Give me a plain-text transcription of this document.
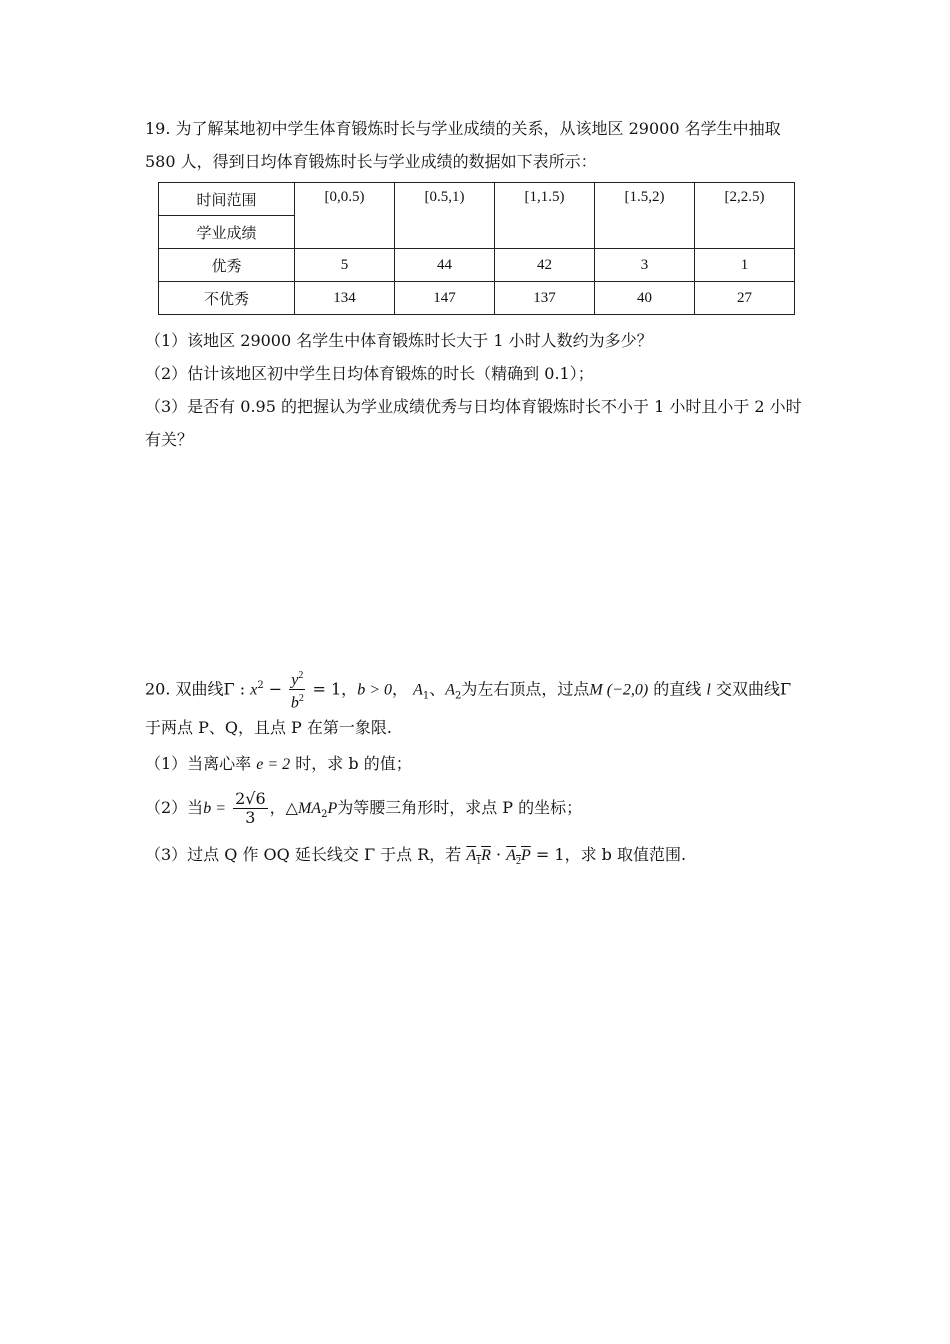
19. 为了解某地初中学生体育锻炼时长与学业成绩的关系，从该地区 29000 名学生中抽取
580 人，得到日均体育锻炼时长与学业成绩的数据如下表所示：
时间范围	[0,0.5)	[0.5,1)	[1,1.5)	[1.5,2)	[2,2.5)
学业成绩					
优秀	5	44	42	3	1
不优秀	134	147	137	40	27
（1）该地区 29000 名学生中体育锻炼时长大于 1 小时人数约为多少？
（2）估计该地区初中学生日均体育锻炼的时长（精确到 0.1）；
（3）是否有 0.95 的把握认为学业成绩优秀与日均体育锻炼时长不小于 1 小时且小于 2 小时
有关？
20. 双曲线Γ : $x^2 - \frac{y^2}{b^2} = 1$，b > 0， $A_1$、$A_2$为左右顶点，过点M (−2,0) 的直线 l 交双曲线Γ
于两点 P、Q，且点 P 在第一象限.
（1）当离心率 e = 2 时，求 b 的值；
（2）当$b = \frac{2√6}{3}$ ，$\triangle MA_2P$为等腰三角形时，求点 P 的坐标；
（3）过点 Q 作 OQ 延长线交 Γ 于点 R，若 $A_1R \cdot A_2P = 1$，求 b 取值范围.
